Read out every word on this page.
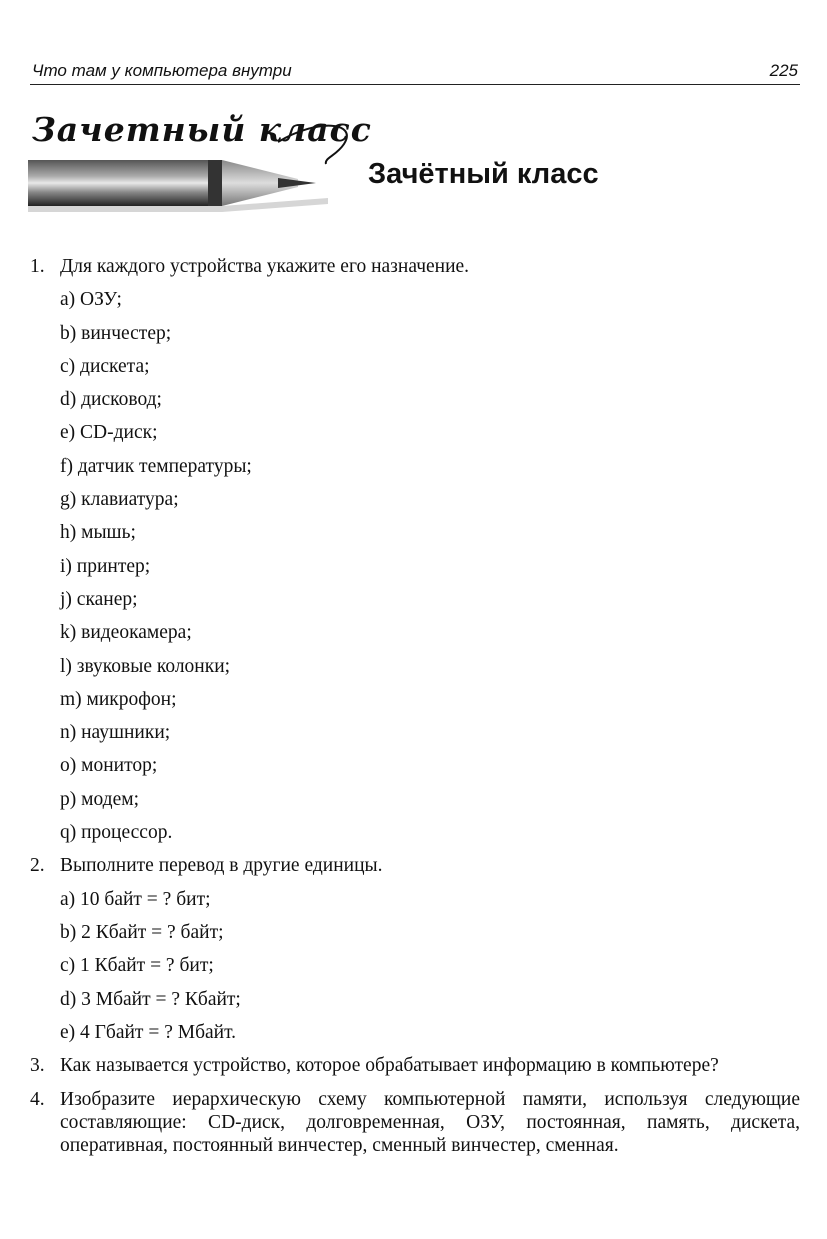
Что там у компьютера внутри	225
Зачетный класс
Зачётный класс
1. Для каждого устройства укажите его назначение.
a) ОЗУ;
b) винчестер;
c) дискета;
d) дисковод;
e) CD-диск;
f) датчик температуры;
g) клавиатура;
h) мышь;
i) принтер;
j) сканер;
k) видеокамера;
l) звуковые колонки;
m) микрофон;
n) наушники;
o) монитор;
p) модем;
q) процессор.
2. Выполните перевод в другие единицы.
a) 10 байт = ? бит;
b) 2 Кбайт = ? байт;
c) 1 Кбайт = ? бит;
d) 3 Мбайт = ? Кбайт;
e) 4 Гбайт = ? Мбайт.
3. Как называется устройство, которое обрабатывает информацию в компьютере?
4. Изобразите иерархическую схему компьютерной памяти, используя следующие составляющие: CD-диск, долговременная, ОЗУ, постоянная, память, дискета, оперативная, постоянный винчестер, сменный винчестер, сменная.
